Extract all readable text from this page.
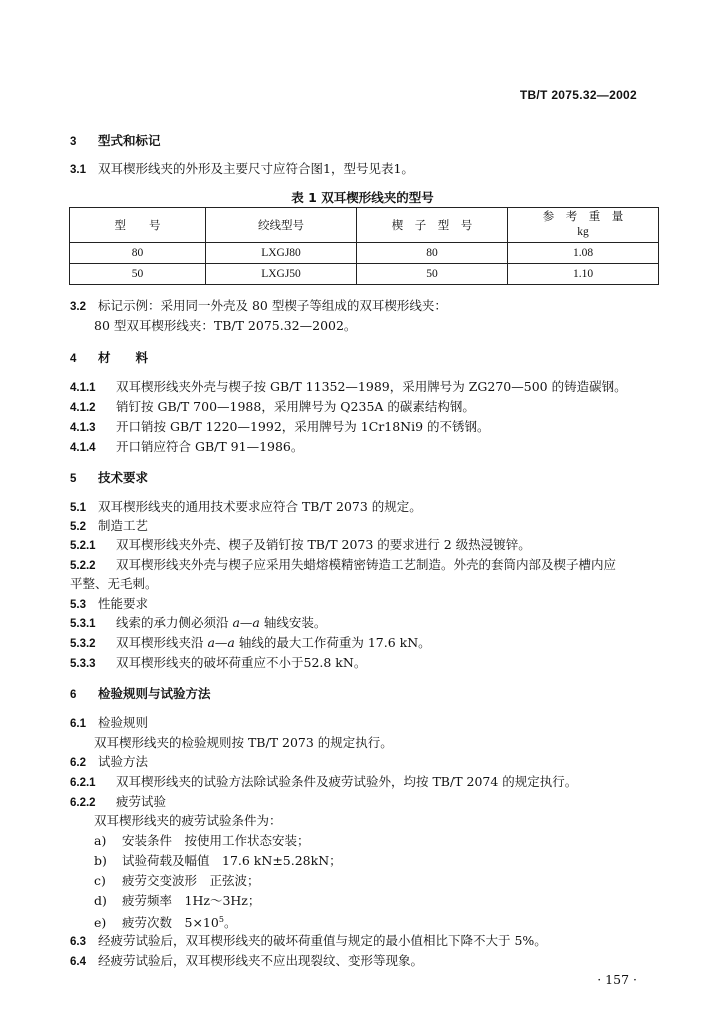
TB/T 2075.32—2002
3 型式和标记
3.1 双耳楔形线夹的外形及主要尺寸应符合图1，型号见表1。
表 1 双耳楔形线夹的型号
型　　号	绞线型号	楔　子　型　号	参　考　重　量
kg

80	LXGJ80	80	1.08
50	LXGJ50	50	1.10
3.2 标记示例：采用同一外壳及 80 型楔子等组成的双耳楔形线夹：
80 型双耳楔形线夹：TB/T 2075.32—2002。
4 材　　料
4.1.1 双耳楔形线夹外壳与楔子按 GB/T 11352—1989，采用牌号为 ZG270—500 的铸造碳钢。
4.1.2 销钉按 GB/T 700—1988，采用牌号为 Q235A 的碳素结构钢。
4.1.3 开口销按 GB/T 1220—1992，采用牌号为 1Cr18Ni9 的不锈钢。
4.1.4 开口销应符合 GB/T 91—1986。
5 技术要求
5.1 双耳楔形线夹的通用技术要求应符合 TB/T 2073 的规定。
5.2 制造工艺
5.2.1 双耳楔形线夹外壳、楔子及销钉按 TB/T 2073 的要求进行 2 级热浸镀锌。
5.2.2 双耳楔形线夹外壳与楔子应采用失蜡熔模精密铸造工艺制造。外壳的套筒内部及楔子槽内应
平整、无毛刺。
5.3 性能要求
5.3.1 线索的承力侧必须沿 a—a 轴线安装。
5.3.2 双耳楔形线夹沿 a—a 轴线的最大工作荷重为 17.6 kN。
5.3.3 双耳楔形线夹的破坏荷重应不小于52.8 kN。
6 检验规则与试验方法
6.1 检验规则
双耳楔形线夹的检验规则按 TB/T 2073 的规定执行。
6.2 试验方法
6.2.1 双耳楔形线夹的试验方法除试验条件及疲劳试验外，均按 TB/T 2074 的规定执行。
6.2.2 疲劳试验
双耳楔形线夹的疲劳试验条件为：
a) 安装条件　按使用工作状态安装；
b) 试验荷载及幅值　17.6 kN±5.28kN；
c) 疲劳交变波形　正弦波；
d) 疲劳频率　1Hz～3Hz；
e) 疲劳次数　$5\times 10^5$。
6.3 经疲劳试验后，双耳楔形线夹的破坏荷重值与规定的最小值相比下降不大于 5%。
6.4 经疲劳试验后，双耳楔形线夹不应出现裂纹、变形等现象。
· 157 ·
